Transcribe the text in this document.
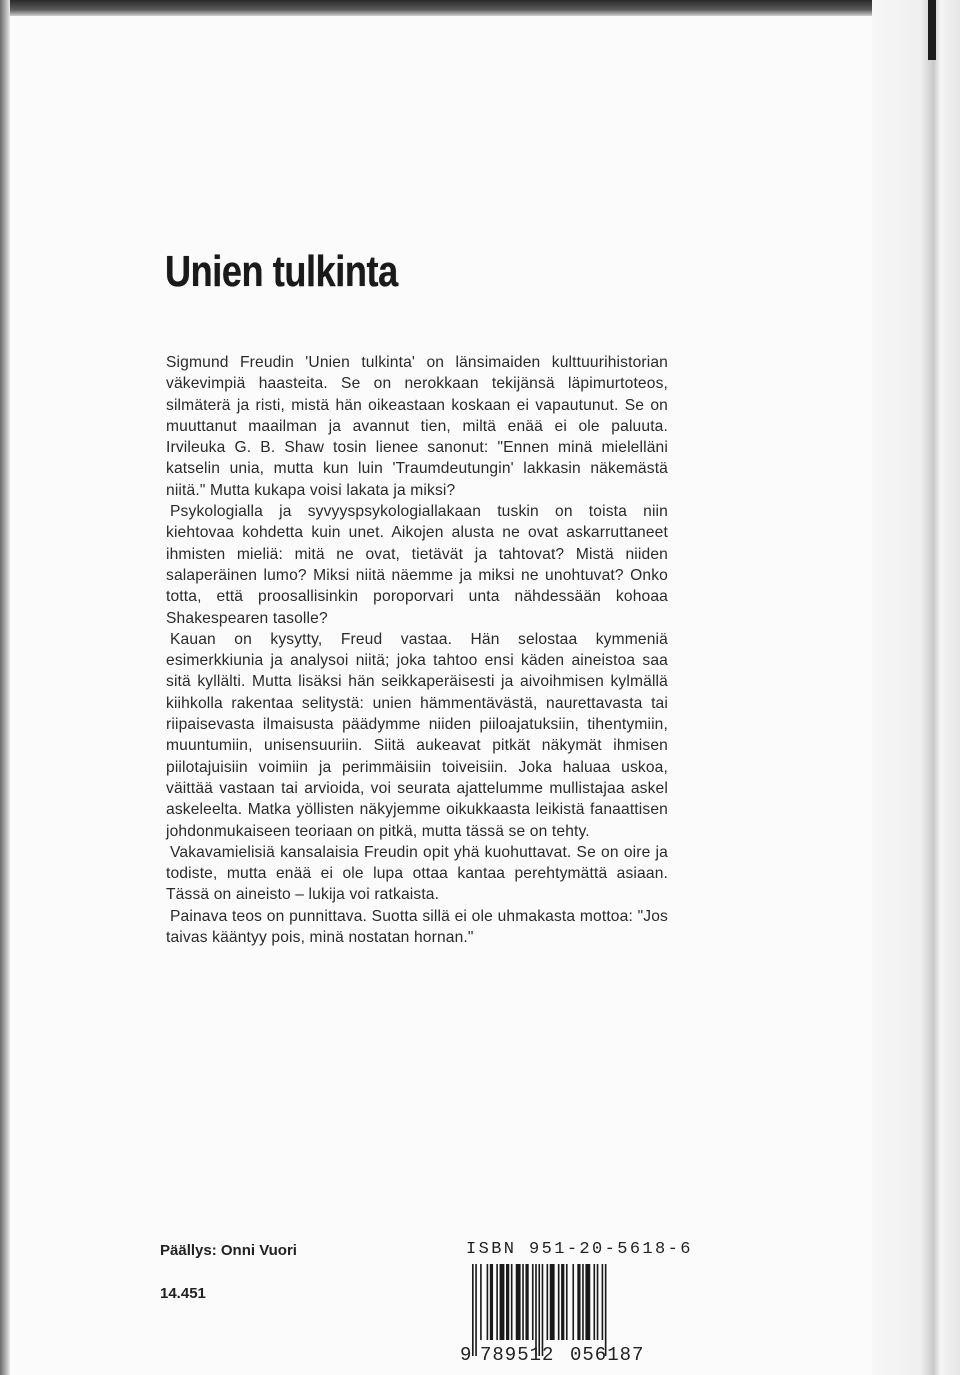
Unien tulkinta

Sigmund Freudin 'Unien tulkinta' on länsimaiden kulttuurihistorian väkevimpiä haasteita. Se on nerokkaan tekijänsä läpimurtoteos, silmäterä ja risti, mistä hän oikeastaan koskaan ei vapautunut. Se on muuttanut maailman ja avannut tien, miltä enää ei ole paluuta. Irvileuka G. B. Shaw tosin lienee sanonut: "Ennen minä mielelläni katselin unia, mutta kun luin 'Traumdeutungin' lakkasin näkemästä niitä." Mutta kukapa voisi lakata ja miksi?

Psykologialla ja syvyyspsykologiallakaan tuskin on toista niin kiehtovaa kohdetta kuin unet. Aikojen alusta ne ovat askarruttaneet ihmisten mieliä: mitä ne ovat, tietävät ja tahtovat? Mistä niiden salaperäinen lumo? Miksi niitä näemme ja miksi ne unohtuvat? Onko totta, että proosallisinkin poroporvari unta nähdessään kohoaa Shakespearen tasolle?

Kauan on kysytty, Freud vastaa. Hän selostaa kymmeniä esimerkkiunia ja analysoi niitä; joka tahtoo ensi käden aineistoa saa sitä kyllälti. Mutta lisäksi hän seikkaperäisesti ja aivoihmisen kylmällä kiihkolla rakentaa selitystä: unien hämmentävästä, naurettavasta tai riipaisevasta ilmaisusta päädymme niiden piiloajatuksiin, tihentymiin, muuntumiin, unisensuuriin. Siitä aukeavat pitkät näkymät ihmisen piilotajuisiin voimiin ja perimmäisiin toiveisiin. Joka haluaa uskoa, väittää vastaan tai arvioida, voi seurata ajattelumme mullistajaa askel askeleelta. Matka yöllisten näkyjemme oikukkaasta leikistä fanaattisen johdonmukaiseen teoriaan on pitkä, mutta tässä se on tehty.

Vakavamielisiä kansalaisia Freudin opit yhä kuohuttavat. Se on oire ja todiste, mutta enää ei ole lupa ottaa kantaa perehtymättä asiaan. Tässä on aineisto – lukija voi ratkaista.

Painava teos on punnittava. Suotta sillä ei ole uhmakasta mottoa: "Jos taivas kääntyy pois, minä nostatan hornan."

Päällys: Onni Vuori
14.451
ISBN 951-20-5618-6
9 789512 056187
